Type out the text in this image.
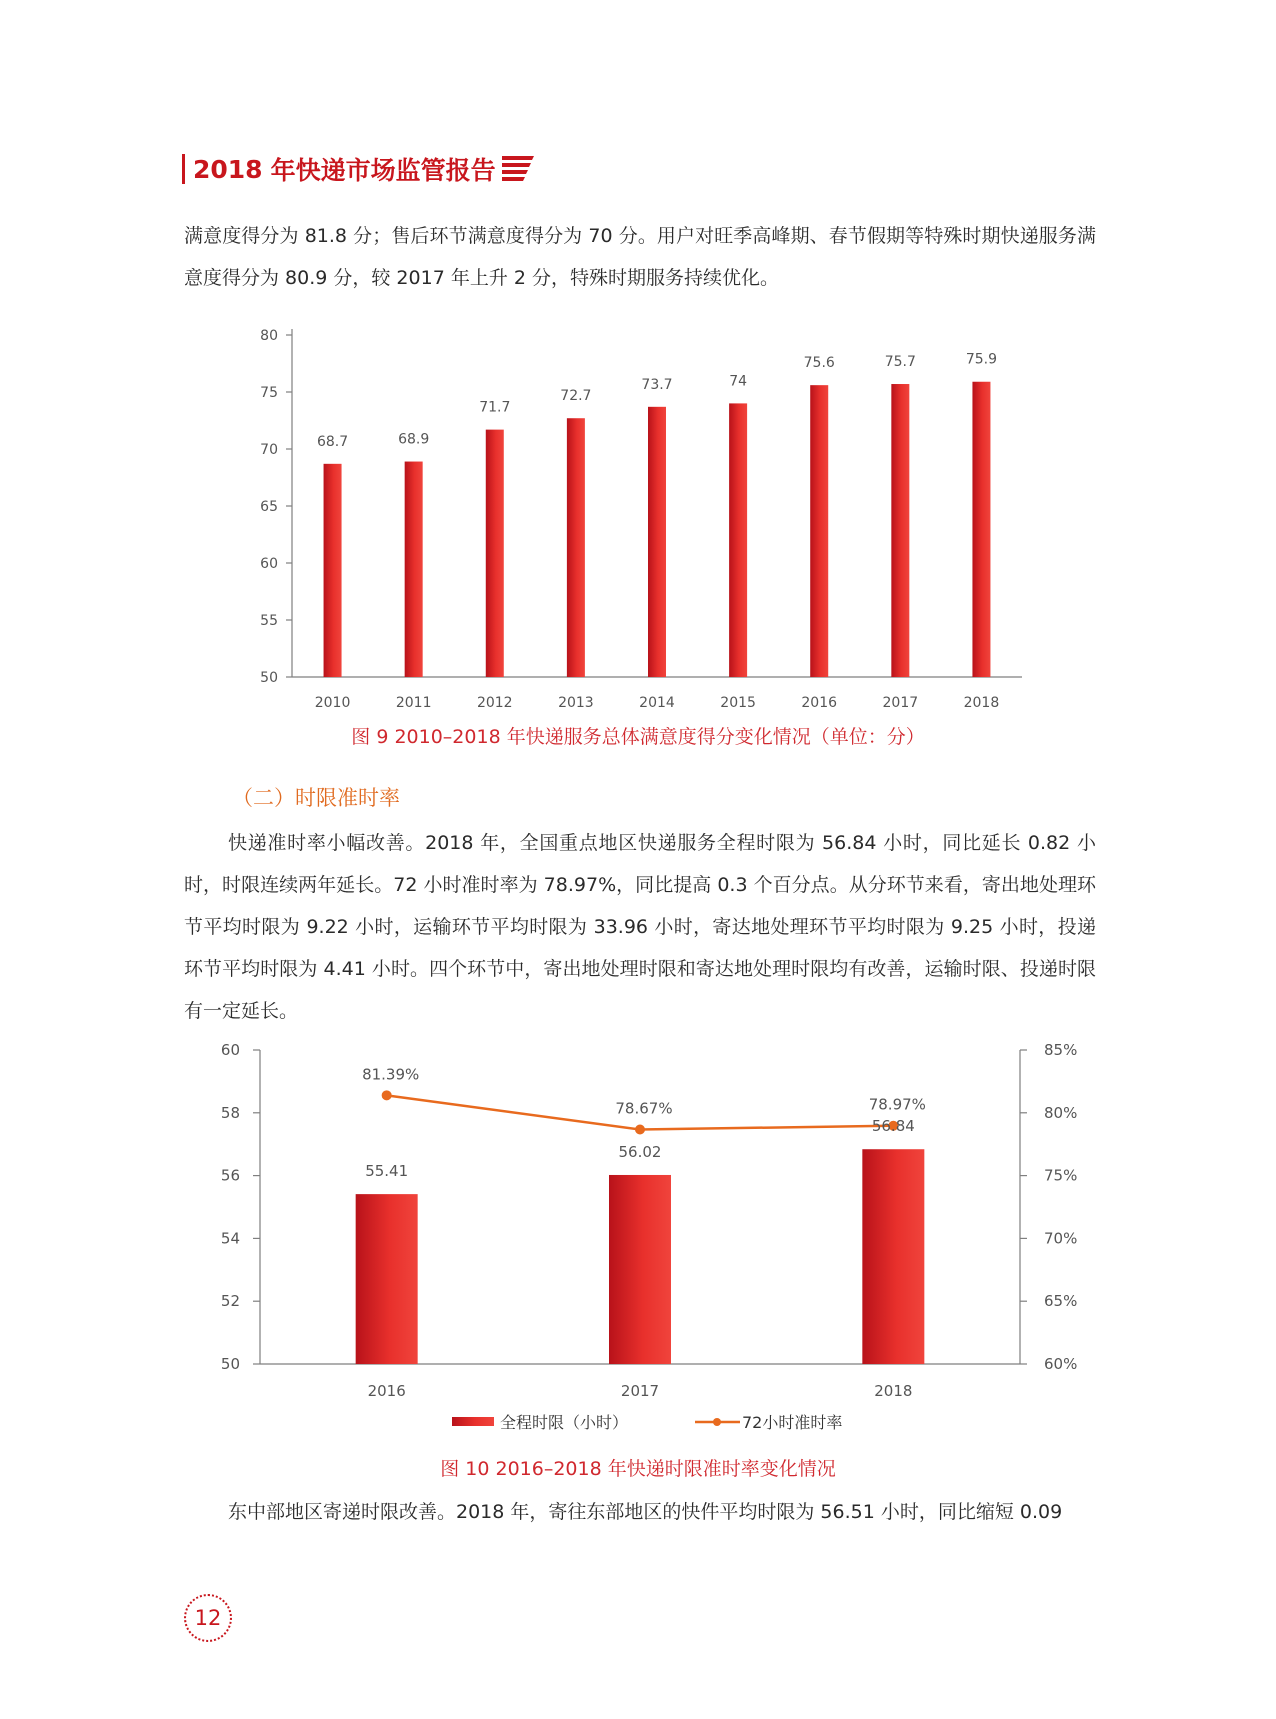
2018 年快递市场监管报告

满意度得分为 81.8 分；售后环节满意度得分为 70 分。用户对旺季高峰期、春节假期等特殊时期快递服务满意度得分为 80.9 分，较 2017 年上升 2 分，特殊时期服务持续优化。

50
55
60
65
70
75
80
68.7
2010
68.9
2011
71.7
2012
72.7
2013
73.7
2014
74
2015
75.6
2016
75.7
2017
75.9
2018
图 9 2010–2018 年快递服务总体满意度得分变化情况（单位：分）
（二）时限准时率

快递准时率小幅改善。2018 年，全国重点地区快递服务全程时限为 56.84 小时，同比延长 0.82 小时，时限连续两年延长。72 小时准时率为 78.97%，同比提高 0.3 个百分点。从分环节来看，寄出地处理环节平均时限为 9.22 小时，运输环节平均时限为 33.96 小时，寄达地处理环节平均时限为 9.25 小时，投递环节平均时限为 4.41 小时。四个环节中，寄出地处理时限和寄达地处理时限均有改善，运输时限、投递时限有一定延长。

50
52
54
56
58
60
60%
65%
70%
75%
80%
85%
55.41
2016
56.02
2017
56.84
2018
81.39%
78.67%	78.97%
全程时限（小时）	72小时准时率
图 10 2016–2018 年快递时限准时率变化情况

东中部地区寄递时限改善。2018 年，寄往东部地区的快件平均时限为 56.51 小时，同比缩短 0.09

12
